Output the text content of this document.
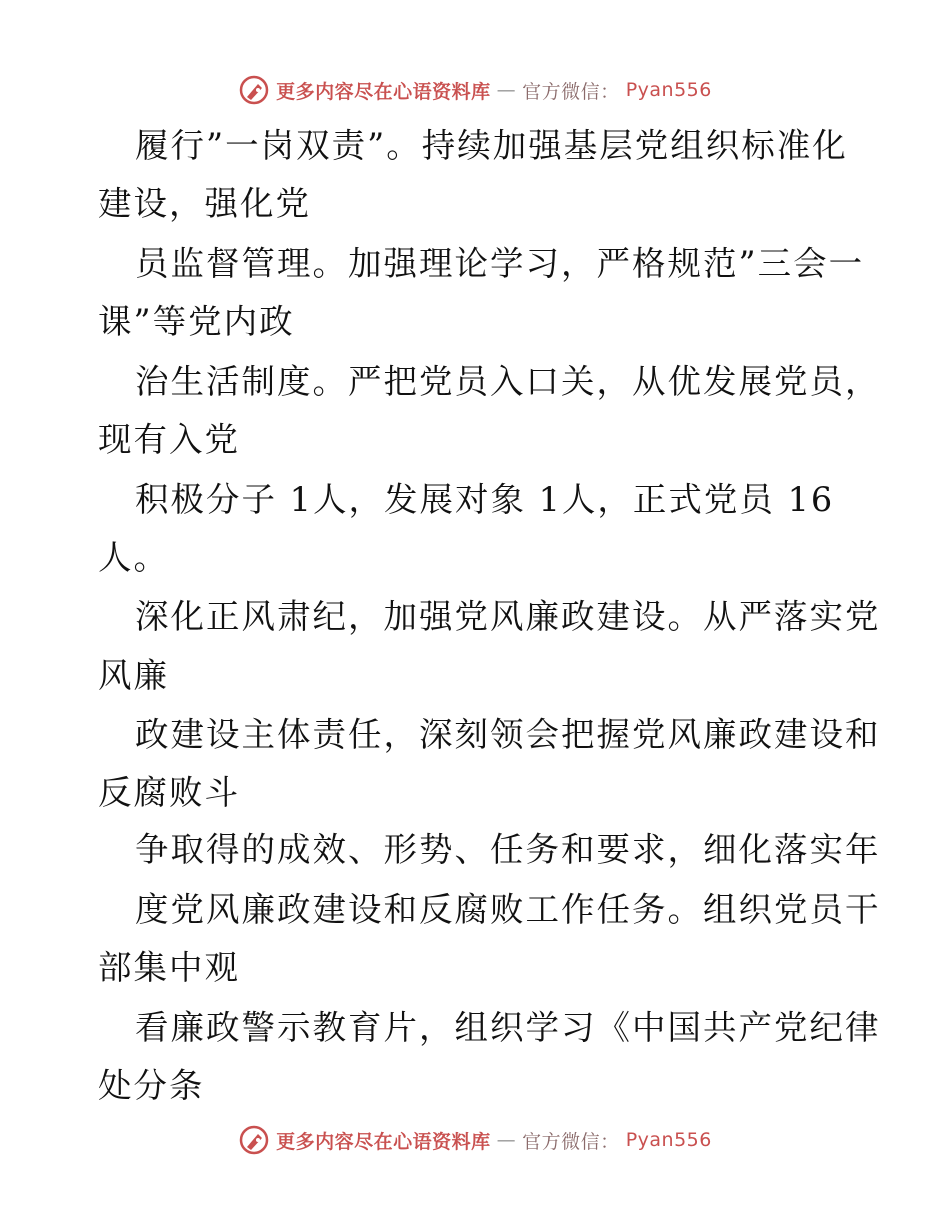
更多内容尽在心语资料库 — 官方微信： Pyan556
履行”一岗双责”。持续加强基层党组织标准化
建设，强化党
员监督管理。加强理论学习，严格规范”三会一
课”等党内政
治生活制度。严把党员入口关，从优发展党员，
现有入党
积极分子 1人，发展对象 1人，正式党员 16
人。
深化正风肃纪，加强党风廉政建设。从严落实党
风廉
政建设主体责任，深刻领会把握党风廉政建设和
反腐败斗
争取得的成效、形势、任务和要求，细化落实年
度党风廉政建设和反腐败工作任务。组织党员干
部集中观
看廉政警示教育片，组织学习《中国共产党纪律
处分条
更多内容尽在心语资料库 — 官方微信： Pyan556
